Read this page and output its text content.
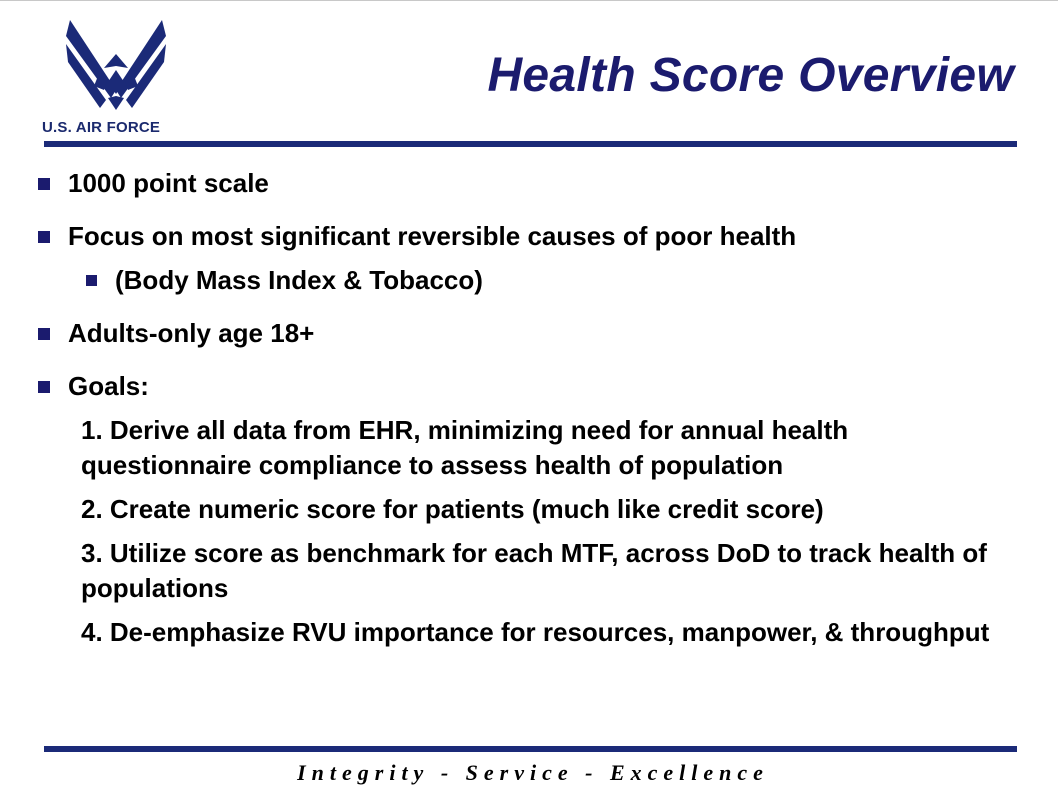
U.S. AIR FORCE
Health Score Overview
1000 point scale
Focus on most significant reversible causes of poor health
(Body Mass Index & Tobacco)
Adults-only age 18+
Goals:
1. Derive all data from EHR, minimizing need for annual health questionnaire compliance to assess health of population
2. Create numeric score for patients (much like credit score)
3. Utilize score as benchmark for each MTF, across DoD to track health of populations
4. De-emphasize RVU importance for resources, manpower, & throughput
Integrity - Service - Excellence
